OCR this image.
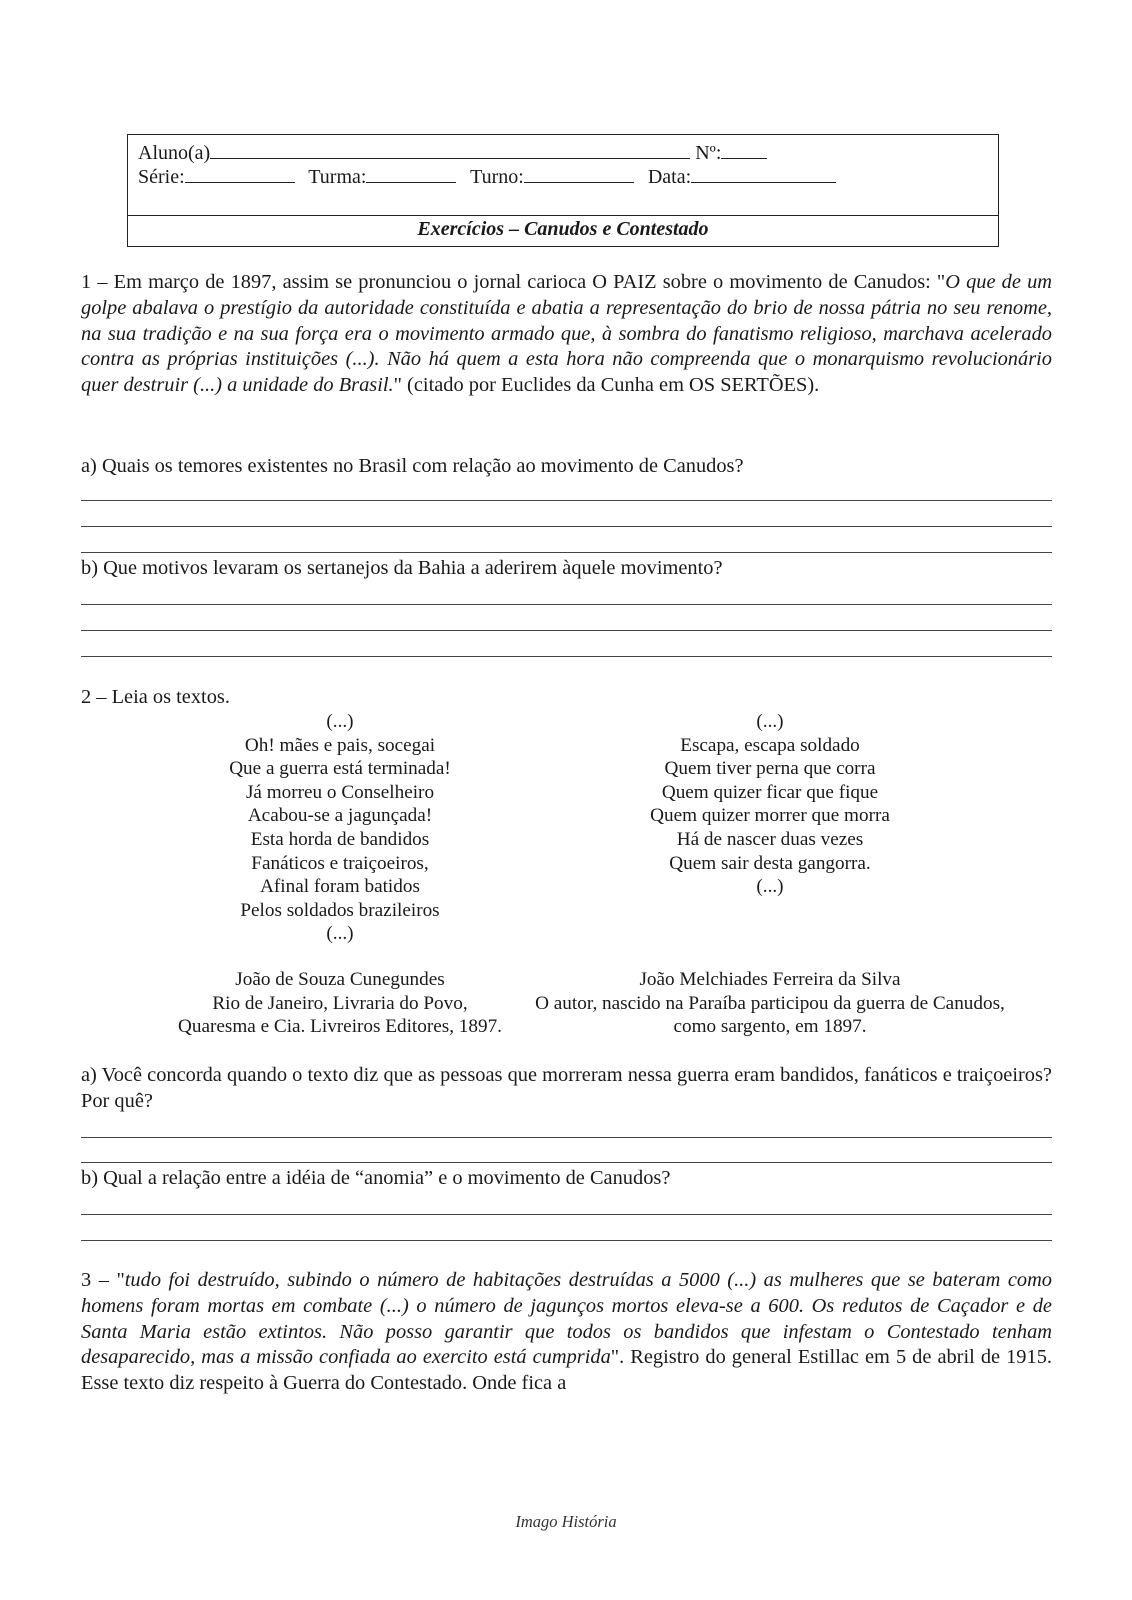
Aluno(a)	Nº:
Série:	Turma:	Turno:	Data:
Exercícios – Canudos e Contestado

1 – Em março de 1897, assim se pronunciou o jornal carioca O PAIZ sobre o movimento de Canudos: "O que de um golpe abalava o prestígio da autoridade constituída e abatia a representação do brio de nossa pátria no seu renome, na sua tradição e na sua força era o movimento armado que, à sombra do fanatismo religioso, marchava acelerado contra as próprias instituições (...). Não há quem a esta hora não compreenda que o monarquismo revolucionário quer destruir (...) a unidade do Brasil." (citado por Euclides da Cunha em OS SERTÕES).

a) Quais os temores existentes no Brasil com relação ao movimento de Canudos?

b) Que motivos levaram os sertanejos da Bahia a aderirem àquele movimento?

2 – Leia os textos.

(...)
Oh! mães e pais, socegai
Que a guerra está terminada!
Já morreu o Conselheiro
Acabou-se a jagunçada!
Esta horda de bandidos
Fanáticos e traiçoeiros,
Afinal foram batidos
Pelos soldados brazileiros
(...)
(...)
Escapa, escapa soldado
Quem tiver perna que corra
Quem quizer ficar que fique
Quem quizer morrer que morra
Há de nascer duas vezes
Quem sair desta gangorra.
(...)
João de Souza Cunegundes
Rio de Janeiro, Livraria do Povo,
Quaresma e Cia. Livreiros Editores, 1897.
João Melchiades Ferreira da Silva
O autor, nascido na Paraíba participou da guerra de Canudos,
como sargento, em 1897.

a) Você concorda quando o texto diz que as pessoas que morreram nessa guerra eram bandidos, fanáticos e traiçoeiros? Por quê?

b) Qual a relação entre a idéia de “anomia” e o movimento de Canudos?

3 – "tudo foi destruído, subindo o número de habitações destruídas a 5000 (...) as mulheres que se bateram como homens foram mortas em combate (...) o número de jagunços mortos eleva-se a 600. Os redutos de Caçador e de Santa Maria estão extintos. Não posso garantir que todos os bandidos que infestam o Contestado tenham desaparecido, mas a missão confiada ao exercito está cumprida". Registro do general Estillac em 5 de abril de 1915. Esse texto diz respeito à Guerra do Contestado. Onde fica a

Imago História
